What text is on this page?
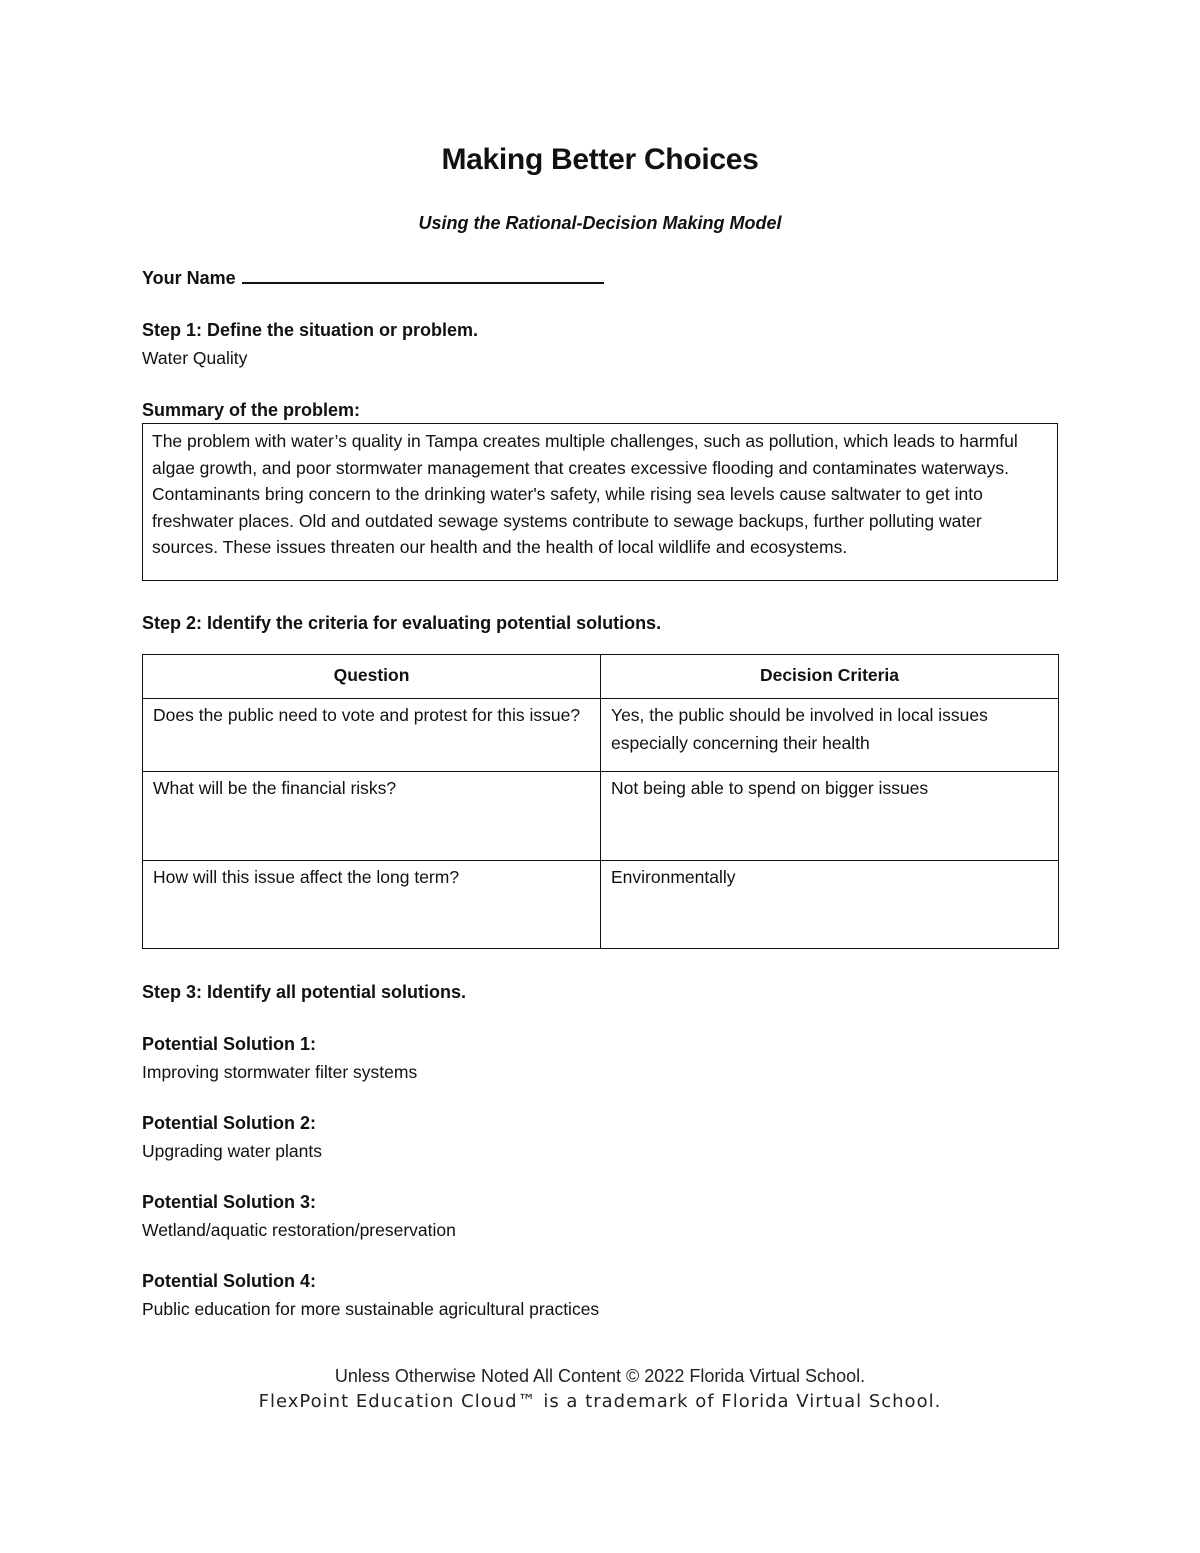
Making Better Choices
Using the Rational-Decision Making Model
Your Name
Step 1: Define the situation or problem.
Water Quality
Summary of the problem:
The problem with water’s quality in Tampa creates multiple challenges, such as pollution, which leads to harmful algae growth, and poor stormwater management that creates excessive flooding and contaminates waterways. Contaminants bring concern to the drinking water's safety, while rising sea levels cause saltwater to get into freshwater places. Old and outdated sewage systems contribute to sewage backups, further polluting water sources. These issues threaten our health and the health of local wildlife and ecosystems.
Step 2: Identify the criteria for evaluating potential solutions.
Question	Decision Criteria
Does the public need to vote and protest for this issue?	Yes, the public should be involved in local issues especially concerning their health
What will be the financial risks?	Not being able to spend on bigger issues
How will this issue affect the long term?	Environmentally
Step 3: Identify all potential solutions.
Potential Solution 1:
Improving stormwater filter systems
Potential Solution 2:
Upgrading water plants
Potential Solution 3:
Wetland/aquatic restoration/preservation
Potential Solution 4:
Public education for more sustainable agricultural practices
Unless Otherwise Noted All Content © 2022 Florida Virtual School.
FlexPoint Education Cloud™ is a trademark of Florida Virtual School.
